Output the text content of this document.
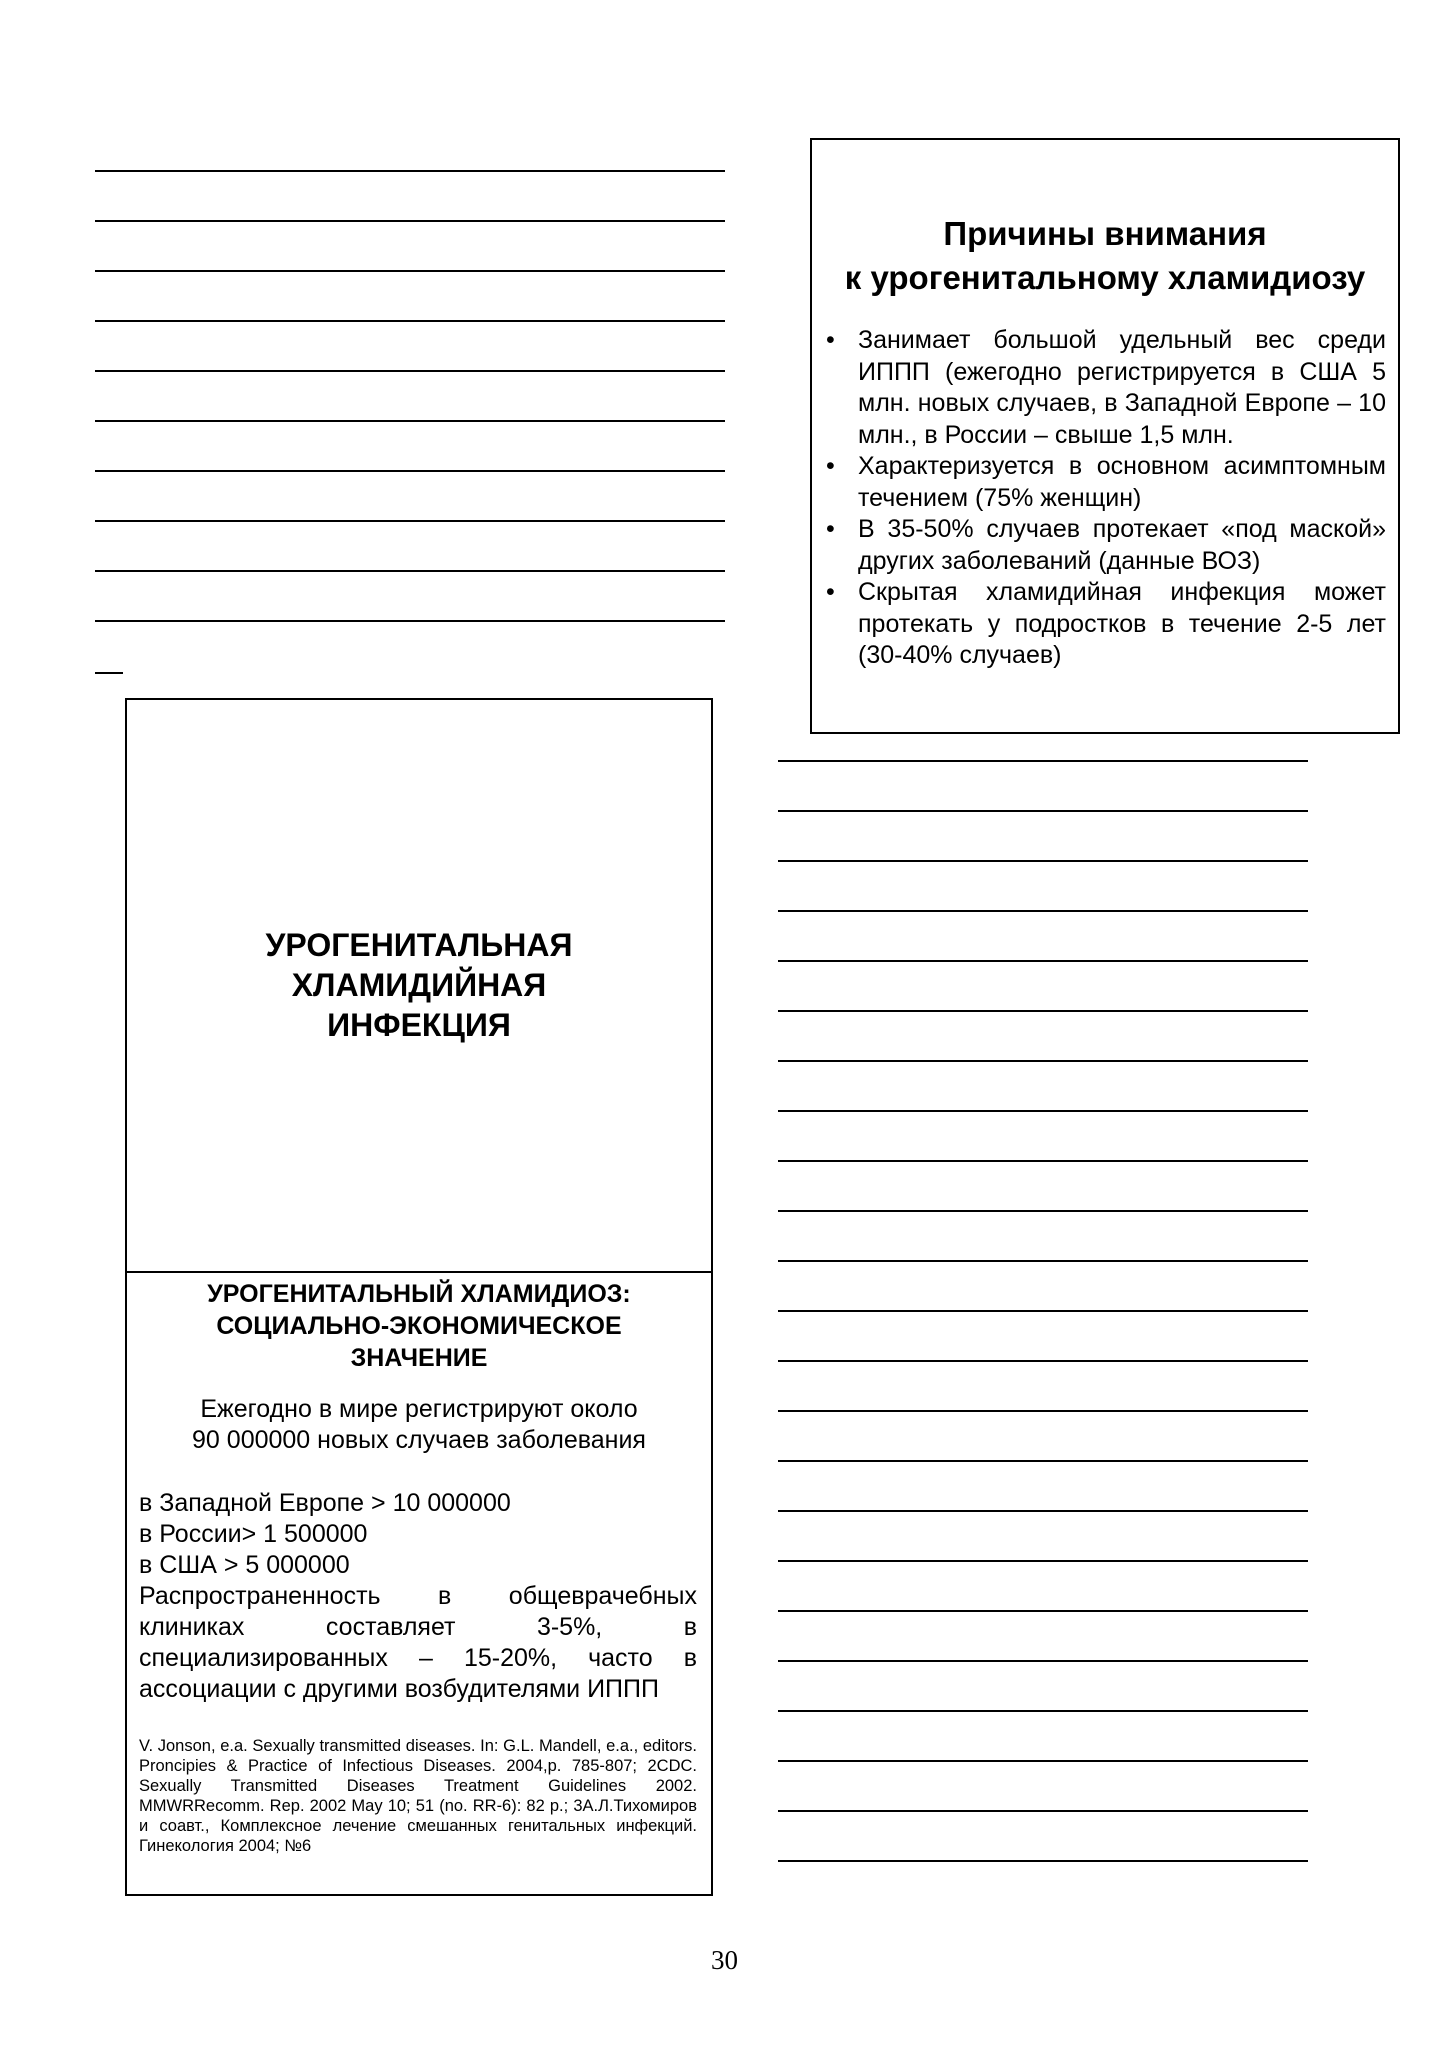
Причины внимания
к урогенитальному хламидиозу
• Занимает большой удельный вес среди ИППП (ежегодно регистрируется в США 5 млн. новых случаев, в Западной Европе – 10 млн., в России – свыше 1,5 млн.
• Характеризуется в основном асимптомным течением (75% женщин)
• В 35-50% случаев протекает «под маской» других заболеваний (данные ВОЗ)
• Скрытая хламидийная инфекция может протекать у подростков в течение 2-5 лет (30-40% случаев)
УРОГЕНИТАЛЬНАЯ
ХЛАМИДИЙНАЯ
ИНФЕКЦИЯ
УРОГЕНИТАЛЬНЫЙ ХЛАМИДИОЗ:
СОЦИАЛЬНО-ЭКОНОМИЧЕСКОЕ
ЗНАЧЕНИЕ
Ежегодно в мире регистрируют около
90 000000 новых случаев заболевания
в Западной Европе > 10 000000
в России> 1 500000
в США > 5 000000
Распространенность в общеврачебных клиниках составляет 3-5%, в специализированных – 15-20%, часто в ассоциации с другими возбудителями ИППП
V. Jonson, e.a. Sexually transmitted diseases. In: G.L. Mandell, e.a., editors. Proncipies & Practice of Infectious Diseases. 2004,p. 785-807; 2CDC. Sexually Transmitted Diseases Treatment Guidelines 2002. MMWRRecomm. Rep. 2002 May 10; 51 (no. RR-6): 82 p.; 3А.Л.Тихомиров и соавт., Комплексное лечение смешанных генитальных инфекций. Гинекология 2004; №6
30
